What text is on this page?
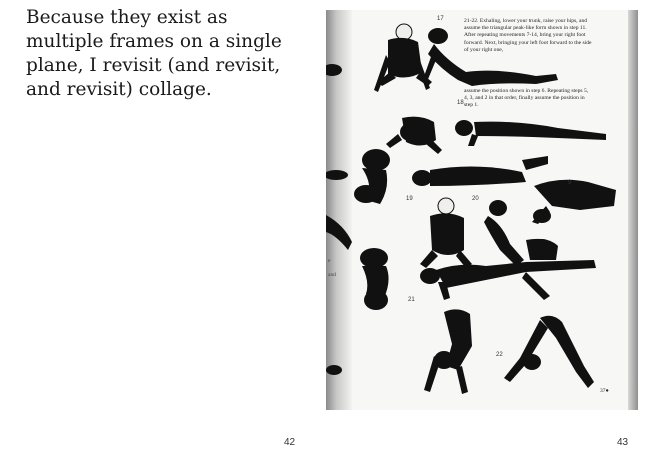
Because they exist as multiple frames on a single plane, I revisit (and revisit, and revisit) collage.

42
e
and
21-22. Exhaling, lower your trunk, raise your hips, and assume the triangular peak-like form shown in step 11. After repeating movements 7-14, bring your right foot forward. Next, bringing your left foot forward to the side of your right one,
assume the position shown in step 6. Repeating steps 5, 4, 3, and 2 in that order, finally assume the position in step 1.
17
18
9
19	20
21
22
37●
43
